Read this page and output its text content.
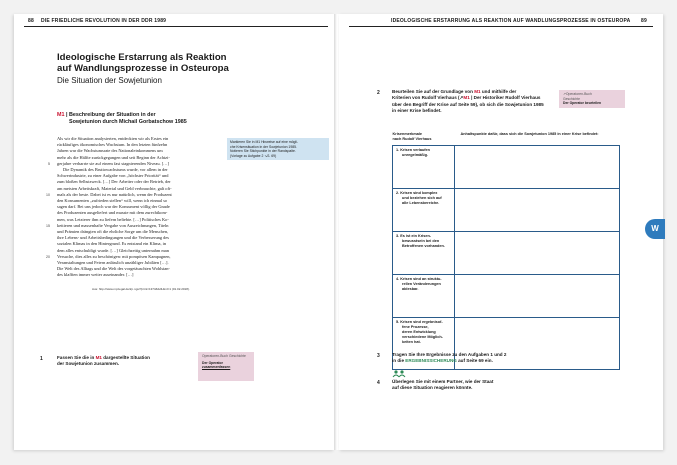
88 DIE FRIEDLICHE REVOLUTION IN DER DDR 1989
Ideologische Erstarrung als Reaktion
auf Wandlungsprozesse in Osteuropa
Die Situation der Sowjetunion
M1 | Beschreibung der Situation in der
Sowjetunion durch Michail Gorbatschow 1985
Als wir die Situation analysierten, entdeckten wir als Erstes ein
rückläufiges ökonomisches Wachstum. In den letzten fünfzehn
Jahren war die Wachstumsrate des Nationaleinkommens um
mehr als die Hälfte zurückgegangen und seit Beginn der Achtzi-
gerjahre verharrte sie auf einem fast stagnierenden Niveau. […]
Die Dynamik des Bruttowachstums wurde, vor allem in der
Schwerindustrie, zu einer Aufgabe von „höchster Priorität“ und
zum bloßen Selbstzweck. […] Der Arbeiter oder der Betrieb, der
am meisten Arbeitskraft, Material und Geld verbrauchte, galt oft-
mals als der beste. Dabei ist es nur natürlich, wenn der Produzent
den Konsumenten „zufrieden stellen“ will, wenn ich einmal so
sagen darf. Bei uns jedoch war der Konsument völlig der Gnade
des Produzenten ausgeliefert und musste mit dem zurechtkom-
men, was Letzterer ihm zu liefern beliebte. […] Politisches Ko-
kettieren und massenhafte Vergabe von Auszeichnungen, Titeln
und Prämien drängten oft die ehrliche Sorge um die Menschen,
ihre Lebens- und Arbeitsbedingungen und die Verbesserung des
sozialen Klimas in den Hintergrund. Es entstand ein Klima, in
dem alles entschuldigt wurde. […] Gleichzeitig unternahm man
Versuche, dies alles zu beschönigen: mit pompösen Kampagnen,
Veranstaltungen und Feiern anlässlich unzähliger Jubiläen […].
Die Welt des Alltags und die Welt des vorgetäuschten Wohlstan-
des klafften immer weiter auseinander. […]
5
10
15
20
Aus: http://www.mpzegal.de/irp.ngs/?print=1373&fullHtml=1 (01.02.2018).
Markieren Sie in M1 Hinweise auf eine mögli-
che Krisensituation in der Sowjetunion 1985.
Notieren Sie Stichpunkte in der Randspalte.
(Vorlage zu Aufgabe 2 ↘S. 69)
1	Fassen Sie die in M1 dargestellte Situation
der Sowjetunion zusammen.
Operatoren-Buch Geschichte
Der Operator
zusammenfassen
IDEOLOGISCHE ERSTARRUNG ALS REAKTION AUF WANDLUNGSPROZESSE IN OSTEUROPA 89
2	Beurteilen Sie auf der Grundlage von M1 und mithilfe der
Kriterien von Rudolf Vierhaus (↗M1 | Der Historiker Rudolf Vierhaus
über den Begriff der Krise auf Seite 59), ob sich die Sowjetunion 1985
in einer Krise befindet.
↗Operatoren-Buch
Geschichte
Der Operator beurteilen
Krisenmerkmale
nach Rudolf Vierhaus	Anhaltspunkte dafür, dass sich die Sowjetunion 1985 in einer Krise befindet:

1. Krisen verlaufen
unregelmäßig.	

2. Krisen sind komplex
und beziehen sich auf
alle Lebensbereiche.	

3. Es ist ein Krisen-
bewusstsein bei den
Betroffenen vorhanden.	

4. Krisen sind an struktu-
rellen Veränderungen
ablesbar.	

5. Krisen sind ergebnisof-
fene Prozesse,
deren Entwicklung
verschiedene Möglich-
keiten hat.	

3	Tragen Sie Ihre Ergebnisse zu den Aufgaben 1 und 2
in die ERGEBNISSICHERUNG auf Seite 69 ein.
4	Überlegen Sie mit einem Partner, wie der Staat
auf diese Situation reagieren könnte.
W
